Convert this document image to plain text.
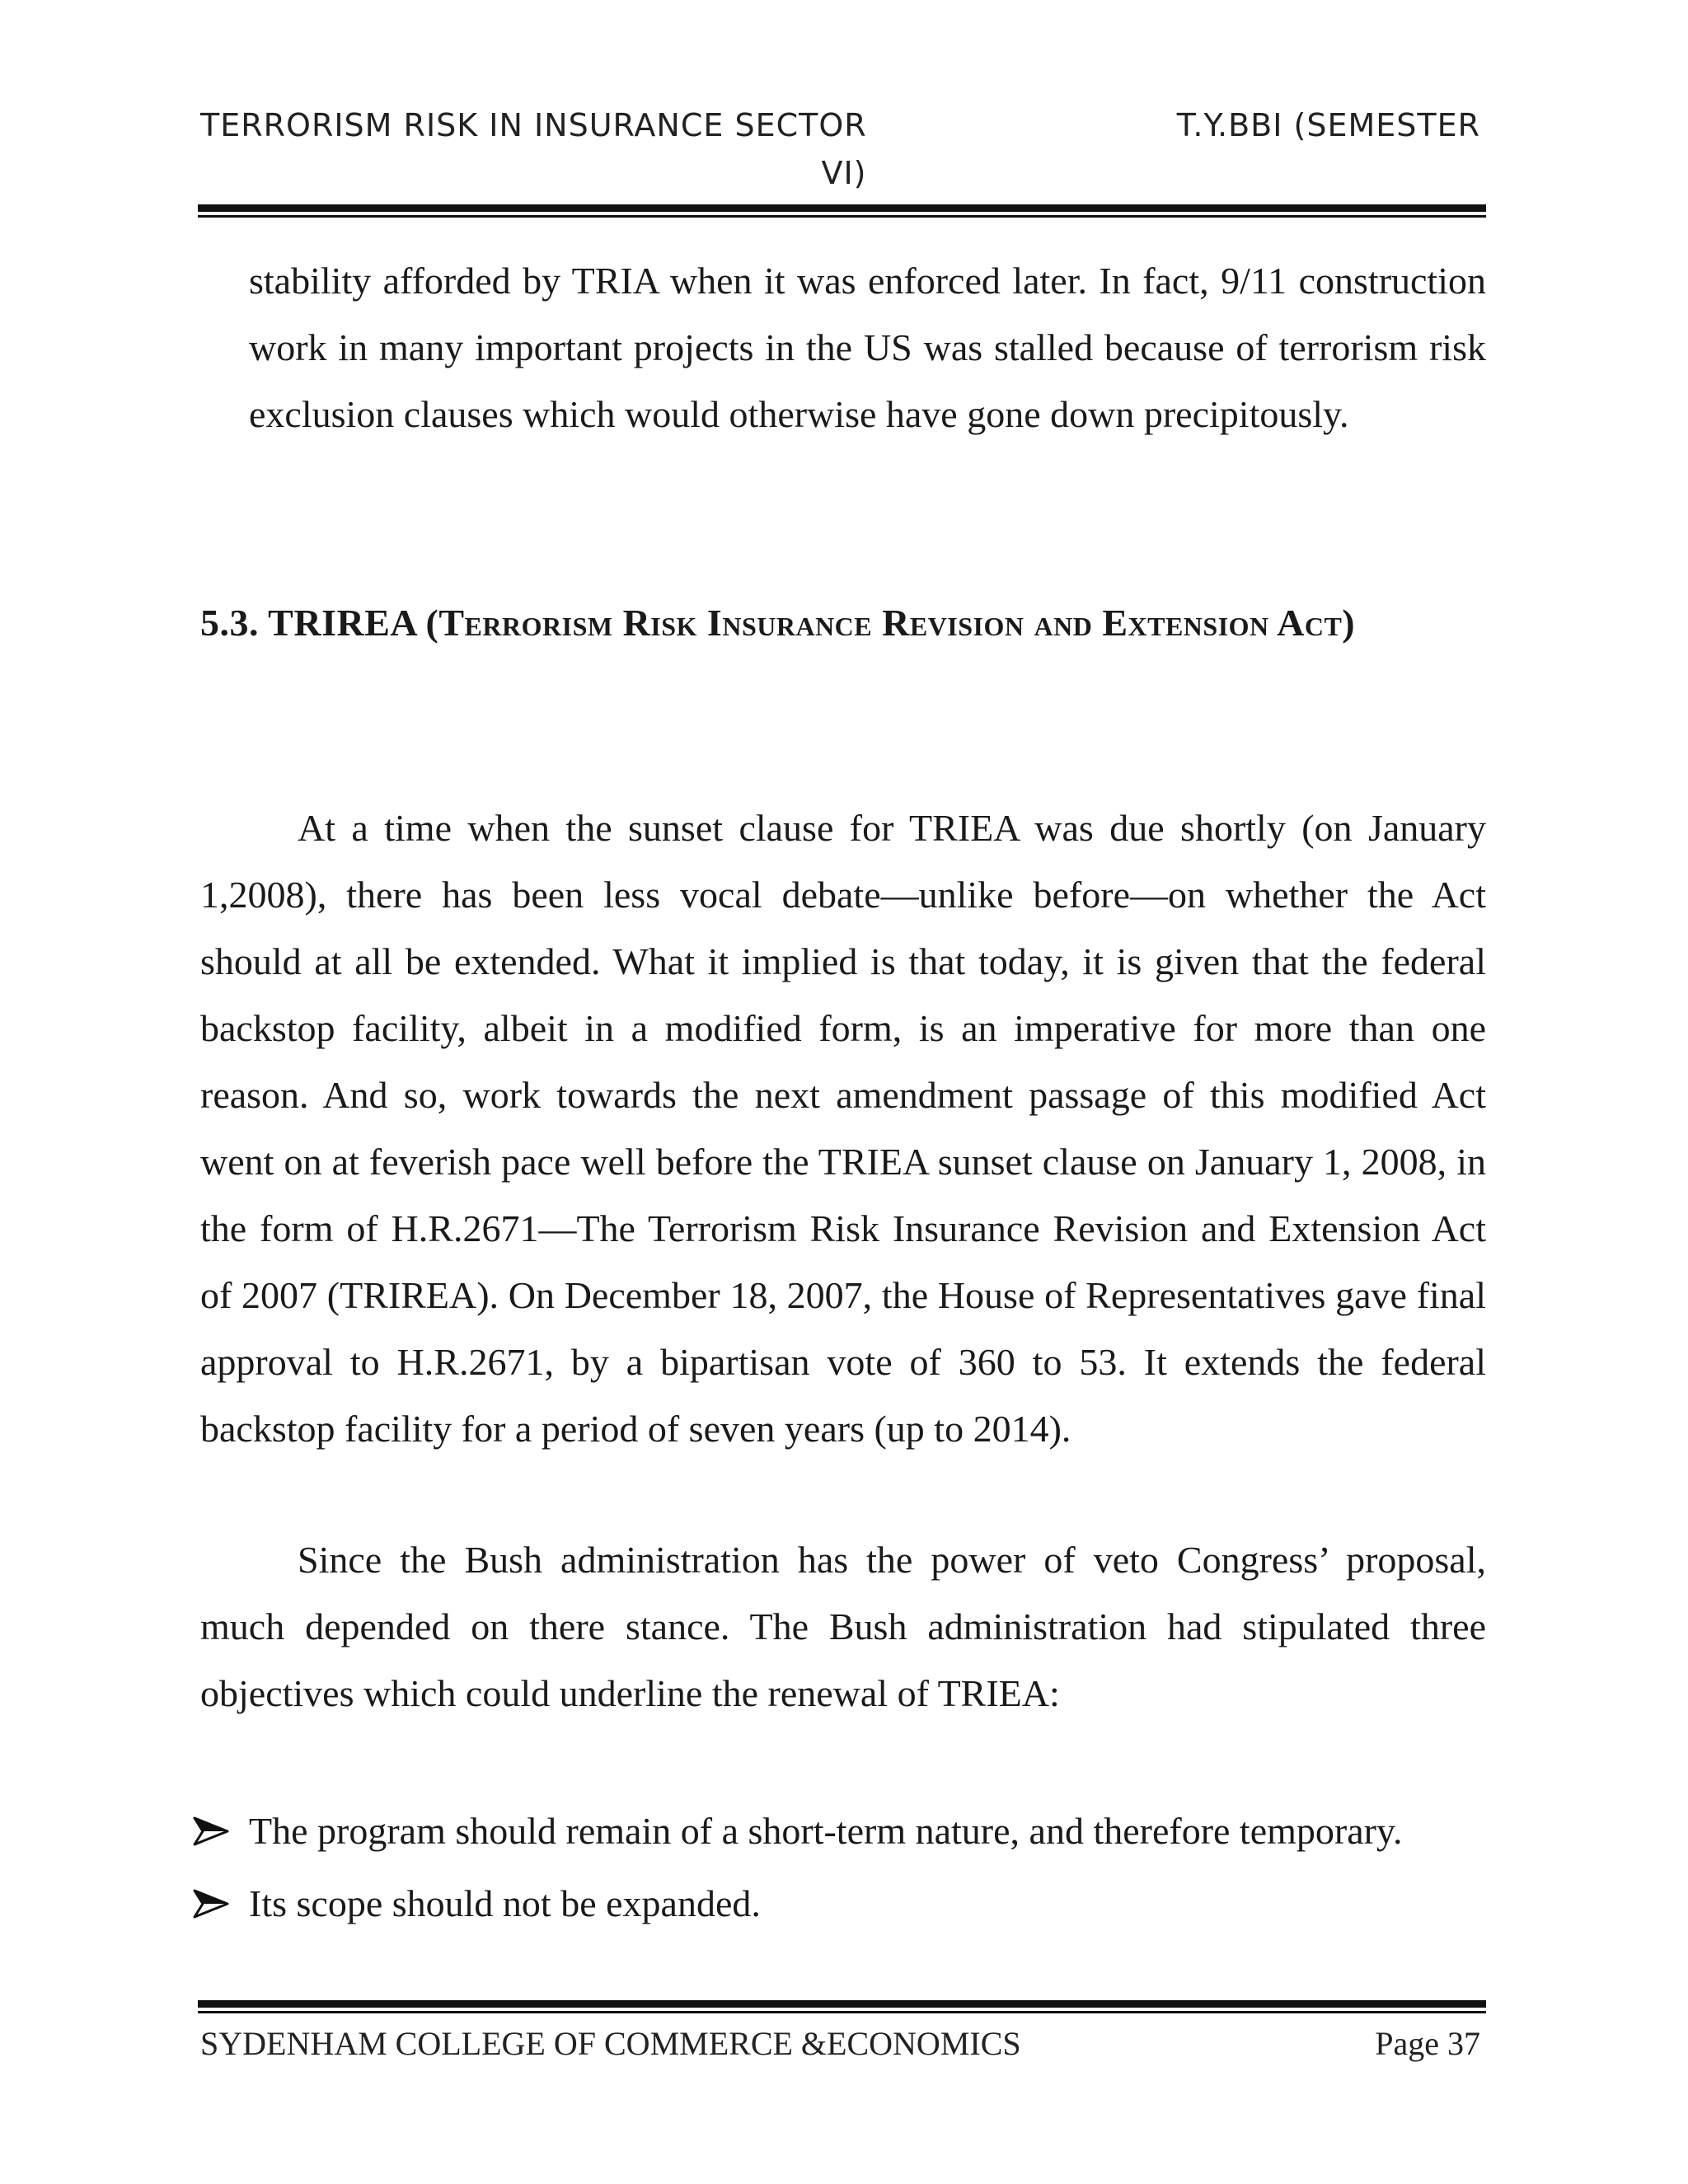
TERRORISM RISK IN INSURANCE SECTOR	T.Y.BBI (SEMESTER
VI)
stability afforded by TRIA when it was enforced later. In fact, 9/11 construction work in many important projects in the US was stalled because of terrorism risk exclusion clauses which would otherwise have gone down precipitously.
5.3. TRIREA (Terrorism Risk Insurance Revision and Extension Act)
At a time when the sunset clause for TRIEA was due shortly (on January 1,2008), there has been less vocal debate—unlike before—on whether the Act should at all be extended. What it implied is that today, it is given that the federal backstop facility, albeit in a modified form, is an imperative for more than one reason. And so, work towards the next amendment passage of this modified Act went on at feverish pace well before the TRIEA sunset clause on January 1, 2008, in the form of H.R.2671—The Terrorism Risk Insurance Revision and Extension Act of 2007 (TRIREA). On December 18, 2007, the House of Representatives gave final approval to H.R.2671, by a bipartisan vote of 360 to 53. It extends the federal backstop facility for a period of seven years (up to 2014).
Since the Bush administration has the power of veto Congress’ proposal, much depended on there stance. The Bush administration had stipulated three objectives which could underline the renewal of TRIEA:
The program should remain of a short-term nature, and therefore temporary.
Its scope should not be expanded.
SYDENHAM COLLEGE OF COMMERCE &ECONOMICS	Page 37
